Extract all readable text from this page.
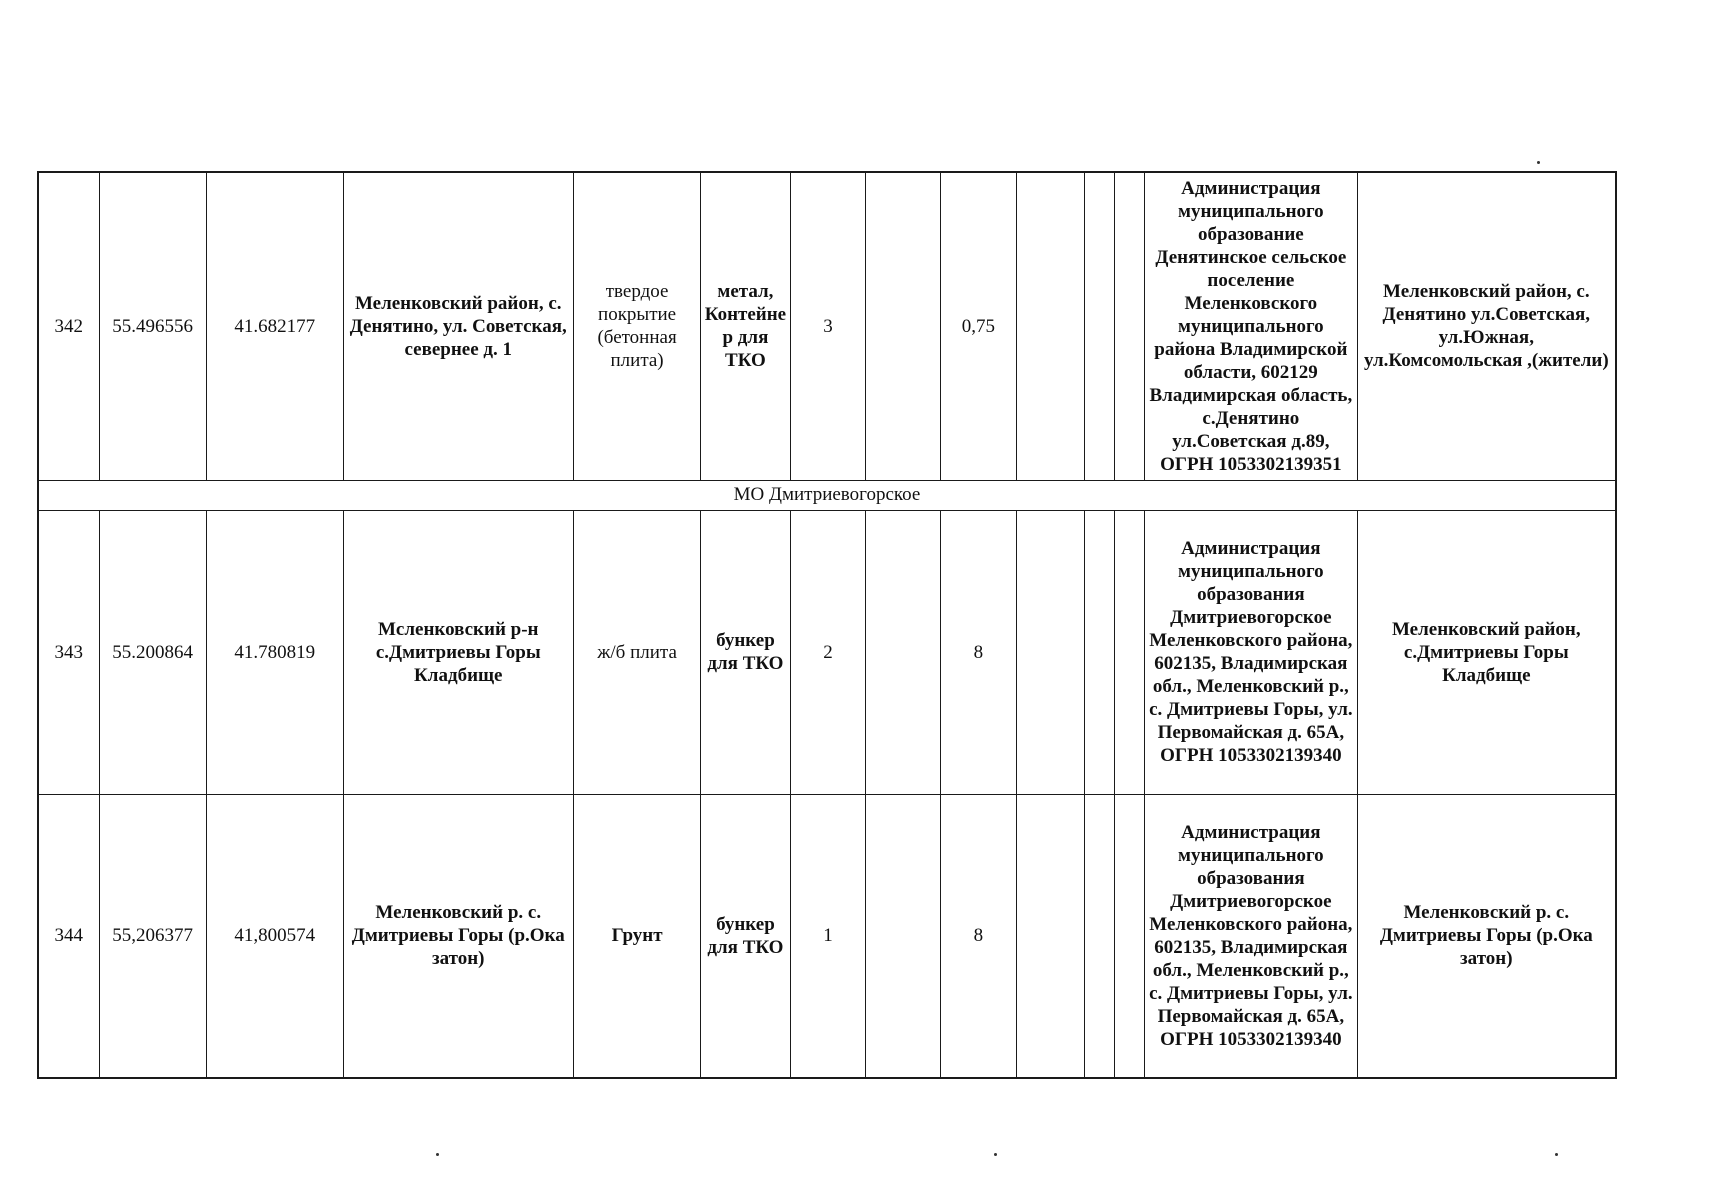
342	55.496556	41.682177	Меленковский район, с. Денятино, ул. Советская, севернее д. 1	твердое покрытие (бетонная плита)	метал, Контейнер для ТКО	3		0,75				Администрация муниципального образование Денятинское сельское поселение Меленковского муниципального района Владимирской области, 602129 Владимирская область, с.Денятино ул.Советская д.89, ОГРН 1053302139351	Меленковский район, с. Денятино ул.Советская, ул.Южная, ул.Комсомольская ,(жители)
МО Дмитриевогорское													
343	55.200864	41.780819	Мсленковский р-н с.Дмитриевы Горы Кладбище	ж/б плита	бункер для ТКО	2		8				Администрация муниципального образования Дмитриевогорское Меленковского района, 602135, Владимирская обл., Меленковский р., с. Дмитриевы Горы, ул. Первомайская д. 65А, ОГРН 1053302139340	Меленковский район, с.Дмитриевы Горы Кладбище
344	55,206377	41,800574	Меленковский р. с. Дмитриевы Горы (р.Ока затон)	Грунт	бункер для ТКО	1		8				Администрация муниципального образования Дмитриевогорское Меленковского района, 602135, Владимирская обл., Меленковский р., с. Дмитриевы Горы, ул. Первомайская д. 65А, ОГРН 1053302139340	Меленковский р. с. Дмитриевы Горы (р.Ока затон)
